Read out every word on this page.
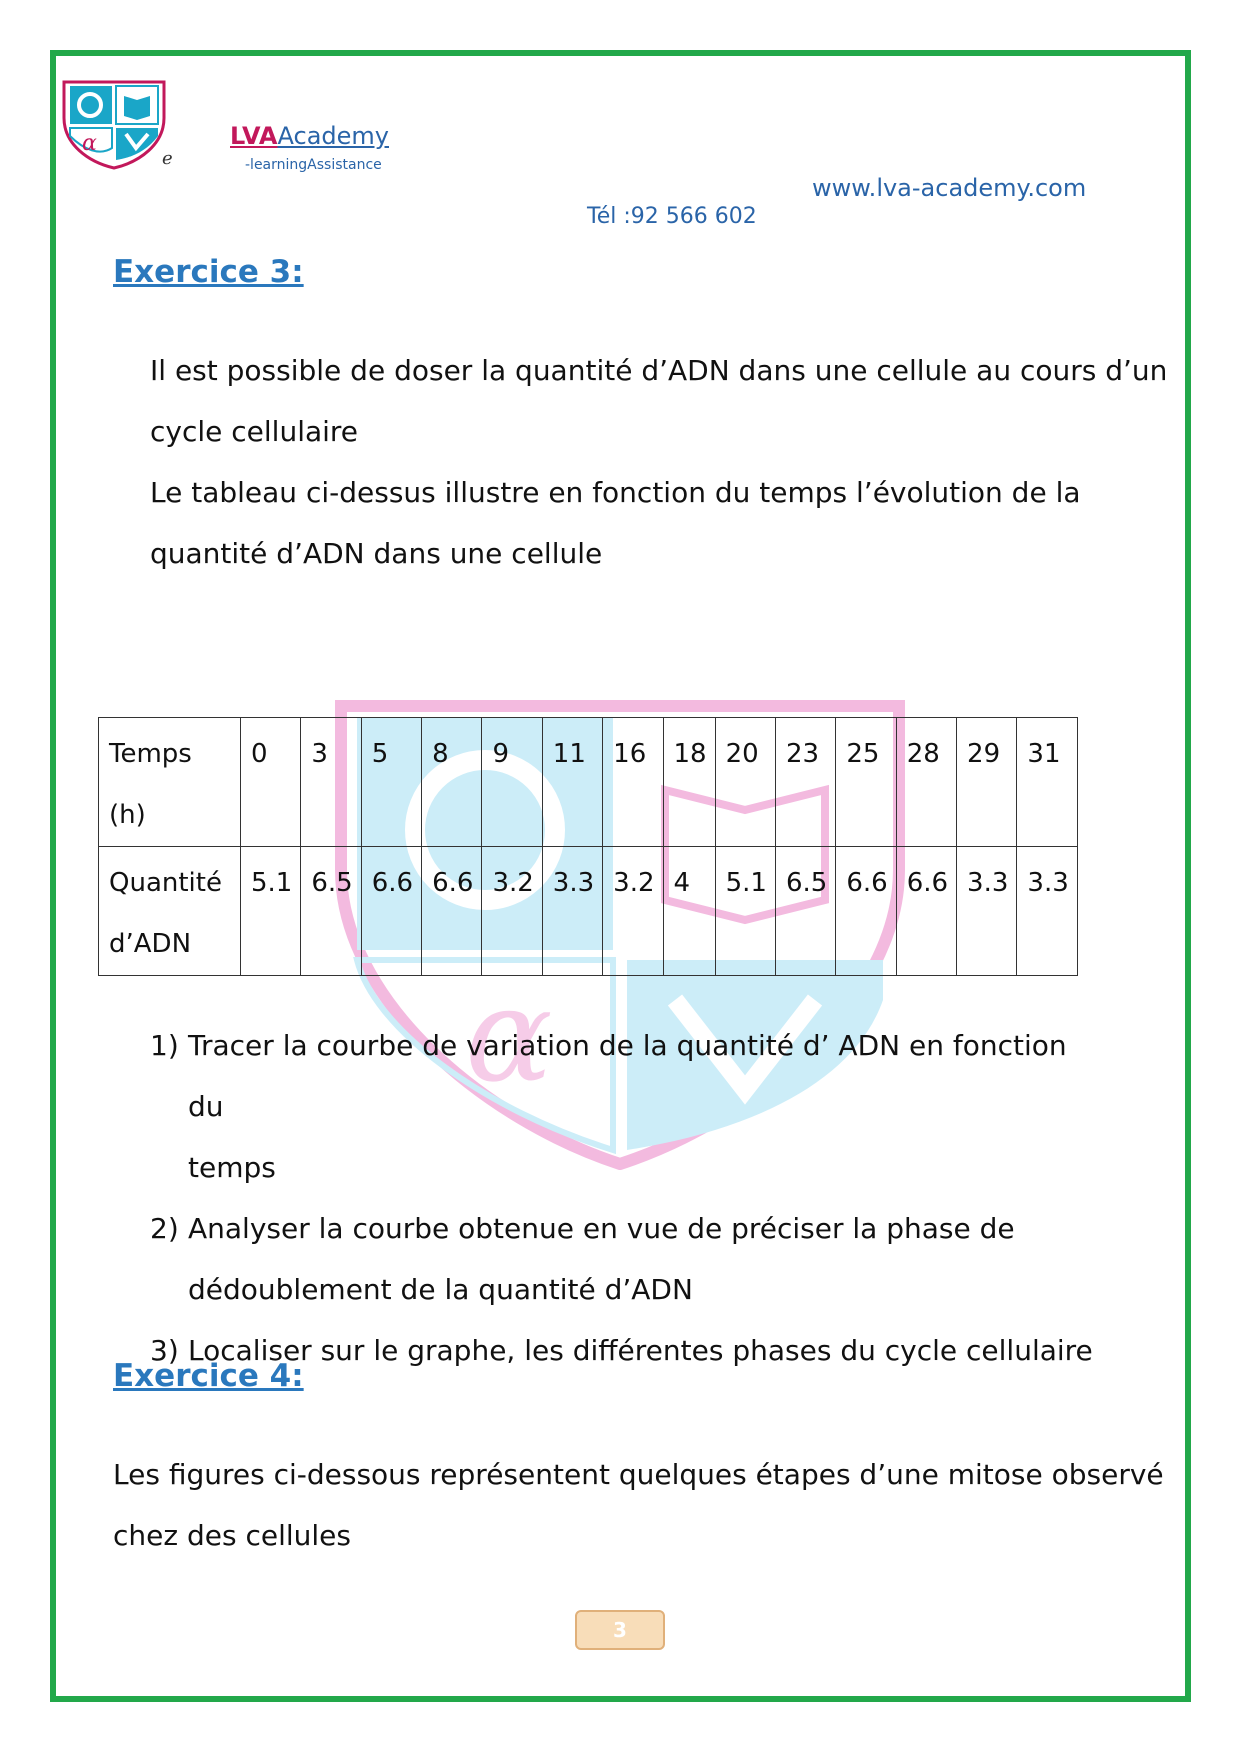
α
e
LVAAcademy
-learningAssistance
www.lva-academy.com
Tél :92 566 602
α
Exercice 3:

Il est possible de doser la quantité d’ADN dans une cellule au cours d’un

cycle cellulaire

Le tableau ci-dessus illustre en fonction du temps l’évolution de la

quantité d’ADN dans une cellule

Temps
(h)	0	3	5	8	9	11	16	18	20	23	25	28	29	31
Quantité
d’ADN	5.1	6.5	6.6	6.6	3.2	3.3	3.2	4	5.1	6.5	6.6	6.6	3.3	3.3
1) Tracer la courbe de variation de la quantité d’ ADN en fonction du
temps
2) Analyser la courbe obtenue en vue de préciser la phase de
dédoublement de la quantité d’ADN
3) Localiser sur le graphe, les différentes phases du cycle cellulaire
Exercice 4:

Les figures ci-dessous représentent quelques étapes d’une mitose observé

chez des cellules

3
